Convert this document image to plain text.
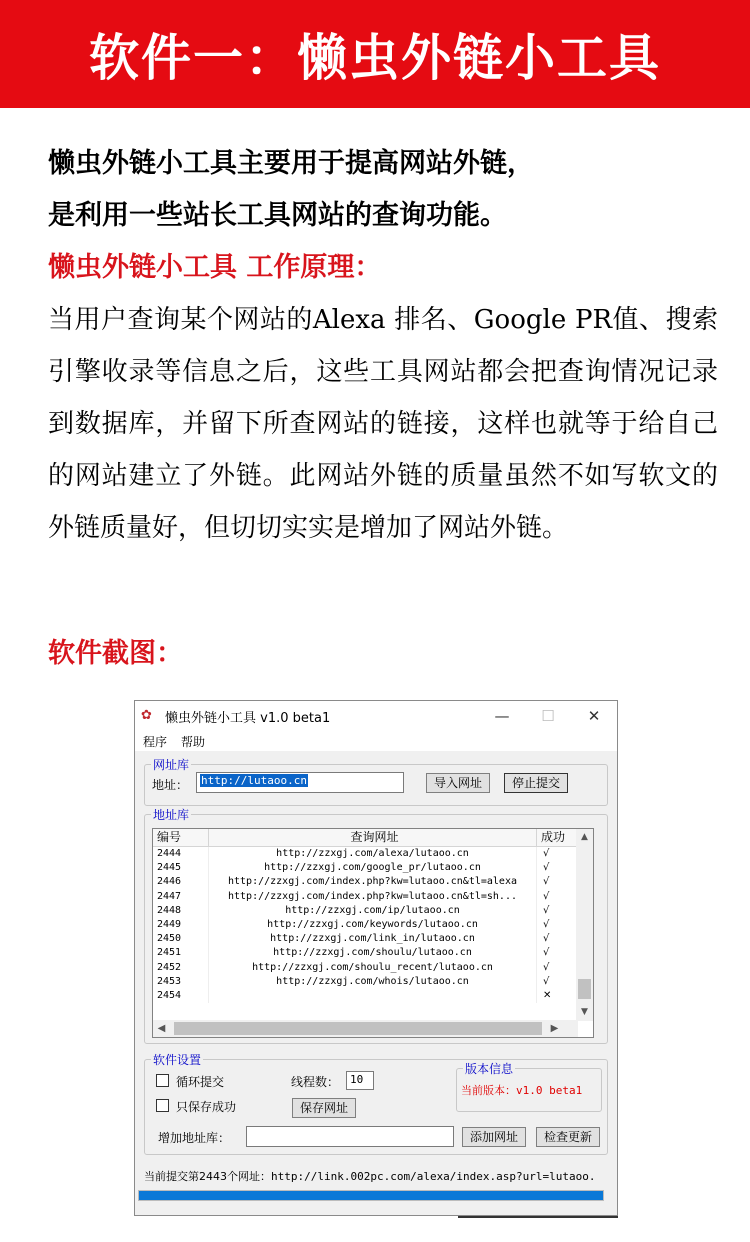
软件一：懒虫外链小工具
懒虫外链小工具主要用于提高网站外链，
是利用一些站长工具网站的查询功能。
懒虫外链小工具 工作原理：
当用户查询某个网站的Alexa 排名、Google PR值、搜索引擎收录等信息之后，这些工具网站都会把查询情况记录到数据库，并留下所查网站的链接，这样也就等于给自己的网站建立了外链。此网站外链的质量虽然不如写软文的外链质量好，但切切实实是增加了网站外链。
软件截图：
✿	懒虫外链小工具 v1.0 beta1	—	☐	✕
程序 帮助
网址库
地址：	http://lutaoo.cn	导入网址	停止提交
地址库
编号	查询网址	成功
2444	http://zzxgj.com/alexa/lutaoo.cn	√
2445	http://zzxgj.com/google_pr/lutaoo.cn	√
2446	http://zzxgj.com/index.php?kw=lutaoo.cn&tl=alexa	√
2447	http://zzxgj.com/index.php?kw=lutaoo.cn&tl=sh...	√
2448	http://zzxgj.com/ip/lutaoo.cn	√
2449	http://zzxgj.com/keywords/lutaoo.cn	√
2450	http://zzxgj.com/link_in/lutaoo.cn	√
2451	http://zzxgj.com/shoulu/lutaoo.cn	√
2452	http://zzxgj.com/shoulu_recent/lutaoo.cn	√
2453	http://zzxgj.com/whois/lutaoo.cn	√
2454	✕
▲
▼
◀	▶
软件设置
循环提交
只保存成功
线程数： 10
保存网址
增加地址库：	添加网址	检查更新
版本信息
当前版本：v1.0 beta1
当前提交第2443个网址：http://link.002pc.com/alexa/index.asp?url=lutaoo.
